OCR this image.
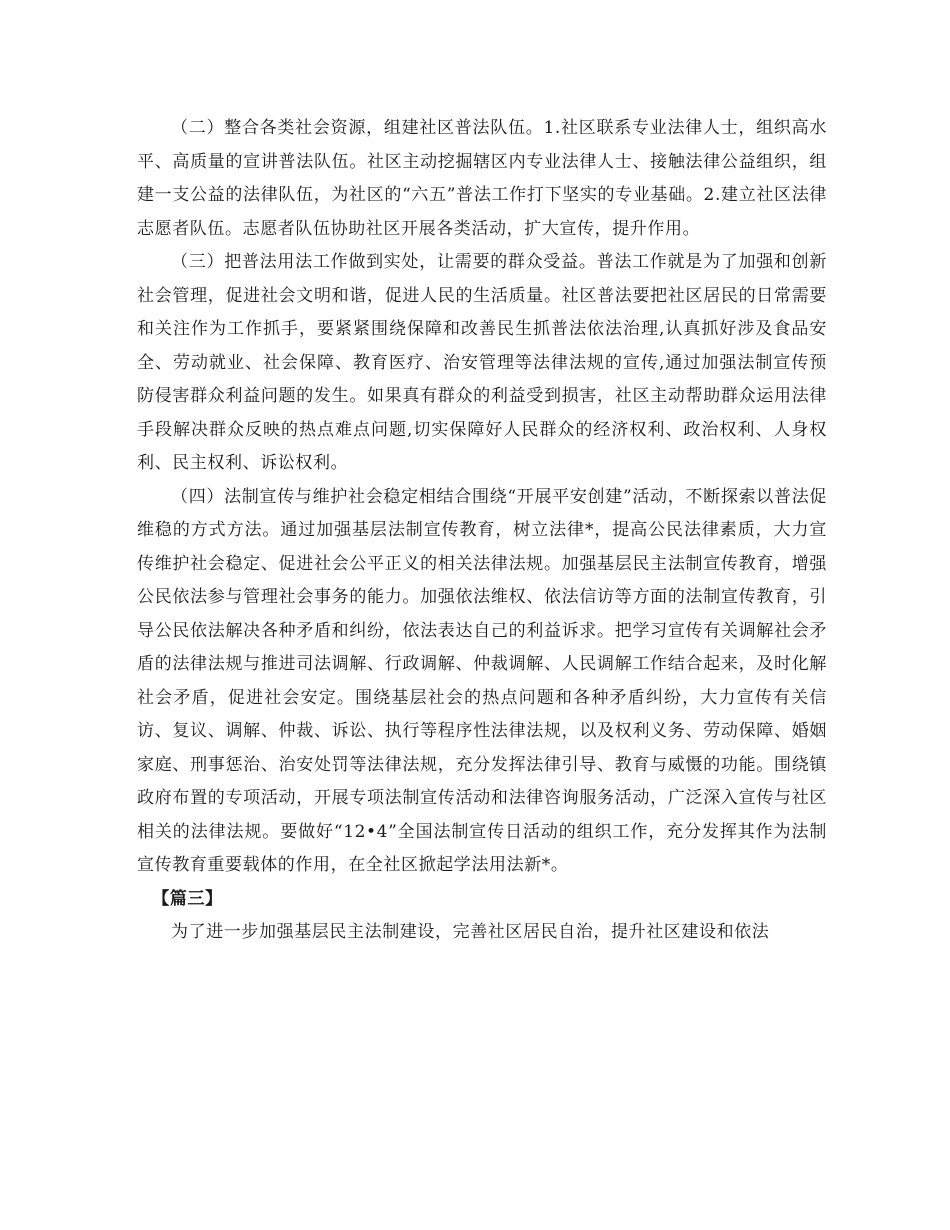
（二）整合各类社会资源，组建社区普法队伍。1.社区联系专业法律人士，组织高水平、高质量的宣讲普法队伍。社区主动挖掘辖区内专业法律人士、接触法律公益组织，组建一支公益的法律队伍，为社区的“六五”普法工作打下坚实的专业基础。2.建立社区法律志愿者队伍。志愿者队伍协助社区开展各类活动，扩大宣传，提升作用。

（三）把普法用法工作做到实处，让需要的群众受益。普法工作就是为了加强和创新社会管理，促进社会文明和谐，促进人民的生活质量。社区普法要把社区居民的日常需要和关注作为工作抓手，要紧紧围绕保障和改善民生抓普法依法治理,认真抓好涉及食品安全、劳动就业、社会保障、教育医疗、治安管理等法律法规的宣传,通过加强法制宣传预防侵害群众利益问题的发生。如果真有群众的利益受到损害，社区主动帮助群众运用法律手段解决群众反映的热点难点问题,切实保障好人民群众的经济权利、政治权利、人身权利、民主权利、诉讼权利。

（四）法制宣传与维护社会稳定相结合围绕“开展平安创建”活动，不断探索以普法促维稳的方式方法。通过加强基层法制宣传教育，树立法律*，提高公民法律素质，大力宣传维护社会稳定、促进社会公平正义的相关法律法规。加强基层民主法制宣传教育，增强公民依法参与管理社会事务的能力。加强依法维权、依法信访等方面的法制宣传教育，引导公民依法解决各种矛盾和纠纷，依法表达自己的利益诉求。把学习宣传有关调解社会矛盾的法律法规与推进司法调解、行政调解、仲裁调解、人民调解工作结合起来，及时化解社会矛盾，促进社会安定。围绕基层社会的热点问题和各种矛盾纠纷，大力宣传有关信访、复议、调解、仲裁、诉讼、执行等程序性法律法规，以及权利义务、劳动保障、婚姻家庭、刑事惩治、治安处罚等法律法规，充分发挥法律引导、教育与威慑的功能。围绕镇政府布置的专项活动，开展专项法制宣传活动和法律咨询服务活动，广泛深入宣传与社区相关的法律法规。要做好“12•4”全国法制宣传日活动的组织工作，充分发挥其作为法制宣传教育重要载体的作用，在全社区掀起学法用法新*。

【篇三】

为了进一步加强基层民主法制建设，完善社区居民自治，提升社区建设和依法
